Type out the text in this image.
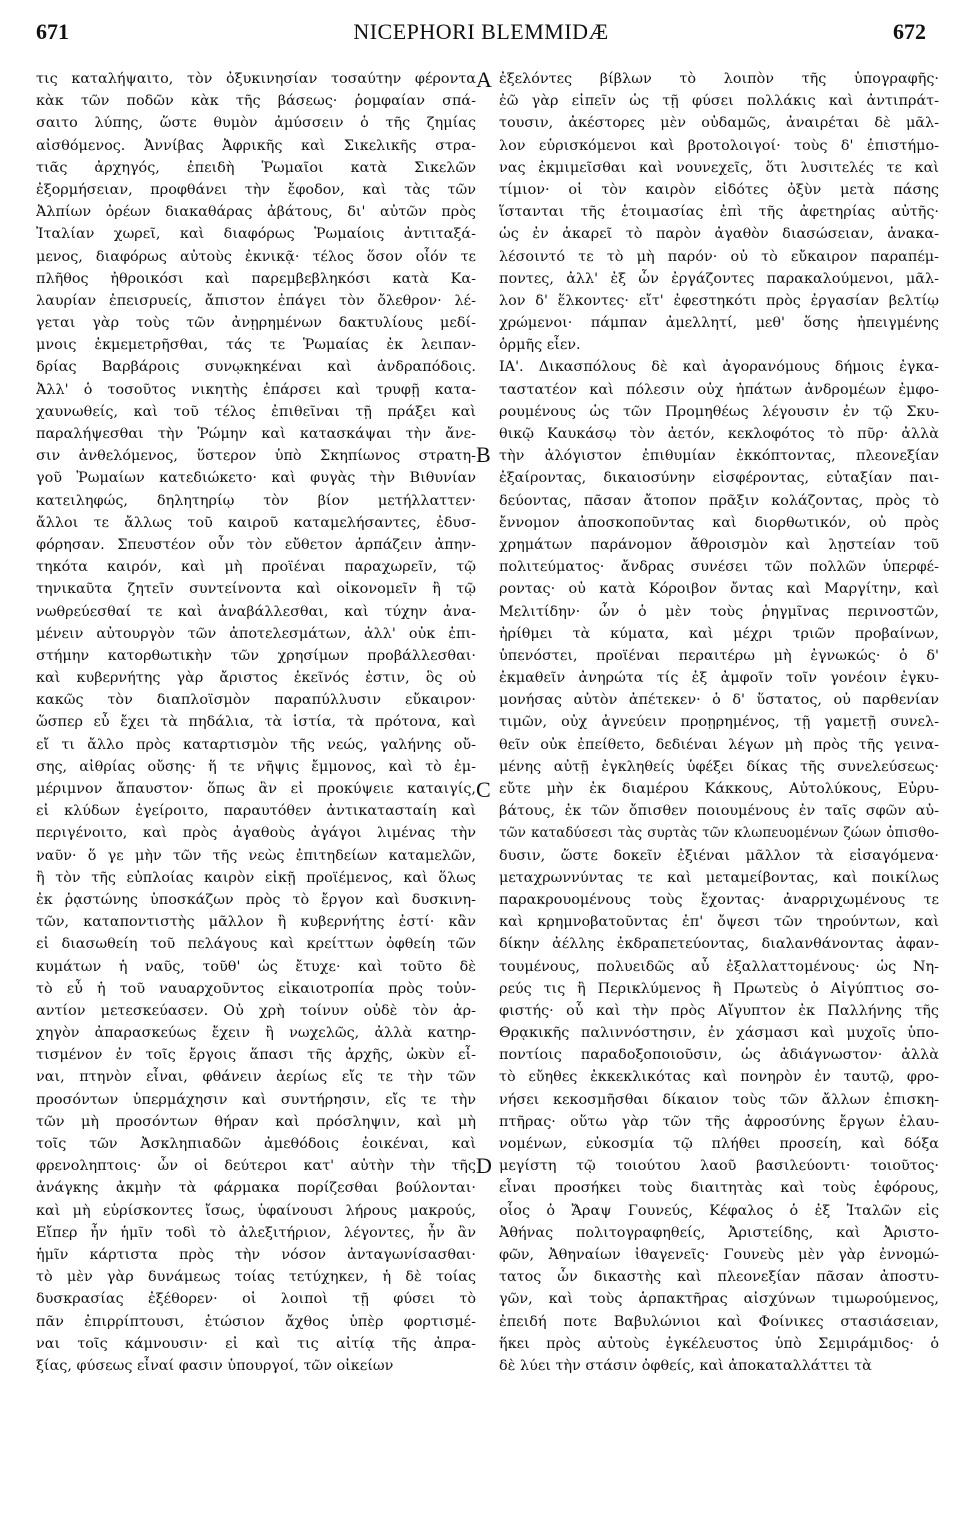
671	NICEPHORI BLEMMIDÆ	672
τις καταλήψαιτο, τὸν ὀξυκινησίαν τοσαύτην φέροντα
κὰκ τῶν ποδῶν κὰκ τῆς βάσεως· ῥομφαίαν σπά-
σαιτο λύπης, ὥστε θυμὸν ἀμύσσειν ὁ τῆς ζημίας
αἰσθόμενος. Ἀννίβας Ἀφρικῆς καὶ Σικελικῆς στρα-
τιᾶς ἀρχηγός, ἐπειδὴ Ῥωμαῖοι κατὰ Σικελῶν
ἐξορμήσειαν, προφθάνει τὴν ἔφοδον, καὶ τὰς τῶν
Ἀλπίων ὀρέων διακαθάρας ἀβάτους, δι' αὐτῶν πρὸς
Ἰταλίαν χωρεῖ, καὶ διαφόρως Ῥωμαίοις ἀντιταξά-
μενος, διαφόρως αὐτοὺς ἐκνικᾷ· τέλος ὅσον οἷόν τε
πλῆθος ἠθροικόσι καὶ παρεμβεβληκόσι κατὰ Κα-
λαυρίαν ἐπεισρυείς, ἄπιστον ἐπάγει τὸν ὄλεθρον· λέ-
γεται γὰρ τοὺς τῶν ἀνῃρημένων δακτυλίους μεδί-
μνοις ἐκμεμετρῆσθαι, τάς τε Ῥωμαίας ἐκ λειπαν-
δρίας Βαρβάροις συνῳκηκέναι καὶ ἀνδραπόδοις.
Ἀλλ' ὁ τοσοῦτος νικητὴς ἐπάρσει καὶ τρυφῇ κατα-
χαυνωθείς, καὶ τοῦ τέλος ἐπιθεῖναι τῇ πράξει καὶ
παραλήψεσθαι τὴν Ῥώμην καὶ κατασκάψαι τὴν ἄνε-
σιν ἀνθελόμενος, ὕστερον ὑπὸ Σκηπίωνος στρατη-
γοῦ Ῥωμαίων κατεδιώκετο· καὶ φυγὰς τὴν Βιθυνίαν
κατειληφώς, δηλητηρίῳ τὸν βίον μετήλλαττεν·
ἄλλοι τε ἄλλως τοῦ καιροῦ καταμελήσαντες, ἐδυσ-
φόρησαν. Σπευστέον οὖν τὸν εὔθετον ἁρπάζειν ἀπην-
τηκότα καιρόν, καὶ μὴ προϊέναι παραχωρεῖν, τῷ
τηνικαῦτα ζητεῖν συντείνοντα καὶ οἰκονομεῖν ἢ τῷ
νωθρεύεσθαί τε καὶ ἀναβάλλεσθαι, καὶ τύχην ἀνα-
μένειν αὐτουργὸν τῶν ἀποτελεσμάτων, ἀλλ' οὐκ ἐπι-
στήμην κατορθωτικὴν τῶν χρησίμων προβάλλεσθαι·
καὶ κυβερνήτης γὰρ ἄριστος ἐκεῖνός ἐστιν, ὃς οὐ
κακῶς τὸν διαπλοϊσμὸν παραπύλλυσιν εὔκαιρον·
ὥσπερ εὖ ἔχει τὰ πηδάλια, τὰ ἱστία, τὰ πρότονα, καὶ
εἴ τι ἄλλο πρὸς καταρτισμὸν τῆς νεώς, γαλήνης οὔ-
σης, αἰθρίας οὔσης· ἥ τε νῆψις ἔμμονος, καὶ τὸ ἐμ-
μέριμνον ἄπαυστον· ὅπως ἂν εἰ προκύψειε καταιγίς,
εἰ κλύδων ἐγείροιτο, παραυτόθεν ἀντικατασταίη καὶ
περιγένοιτο, καὶ πρὸς ἀγαθοὺς ἀγάγοι λιμένας τὴν
ναῦν· ὅ γε μὴν τῶν τῆς νεὼς ἐπιτηδείων καταμελῶν,
ἢ τὸν τῆς εὐπλοίας καιρὸν εἰκῇ προϊέμενος, καὶ ὅλως
ἐκ ῥᾳστώνης ὑποσκάζων πρὸς τὸ ἔργον καὶ δυσκινη-
τῶν, καταποντιστὴς μᾶλλον ἢ κυβερνήτης ἐστί· κἂν
εἰ διασωθείη τοῦ πελάγους καὶ κρείττων ὀφθείη τῶν
κυμάτων ἡ ναῦς, τοῦθ' ὡς ἔτυχε· καὶ τοῦτο δὲ
τὸ εὖ ἡ τοῦ ναυαρχοῦντος εἰκαιοτροπία πρὸς τοὐν-
αντίον μετεσκεύασεν. Οὐ χρὴ τοίνυν οὐδὲ τὸν ἀρ-
χηγὸν ἀπαρασκεύως ἔχειν ἢ νωχελῶς, ἀλλὰ κατηρ-
τισμένον ἐν τοῖς ἔργοις ἅπασι τῆς ἀρχῆς, ὠκὺν εἶ-
ναι, πτηνὸν εἶναι, φθάνειν ἀερίως εἴς τε τὴν τῶν
προσόντων ὑπερμάχησιν καὶ συντήρησιν, εἴς τε τὴν
τῶν μὴ προσόντων θήραν καὶ πρόσληψιν, καὶ μὴ
τοῖς τῶν Ἀσκληπιαδῶν ἀμεθόδοις ἐοικέναι, καὶ
φρενοληπτοις· ὧν οἱ δεύτεροι κατ' αὐτὴν τὴν τῆς
ἀνάγκης ἀκμὴν τὰ φάρμακα πορίζεσθαι βούλονται·
καὶ μὴ εὑρίσκοντες ἴσως, ὑφαίνουσι λήρους μακρούς,
Εἴπερ ἦν ἡμῖν τοδὶ τὸ ἀλεξιτήριον, λέγοντες, ἦν ἂν
ἡμῖν κάρτιστα πρὸς τὴν νόσον ἀνταγωνίσασθαι·
τὸ μὲν γὰρ δυνάμεως τοίας τετύχηκεν, ἡ δὲ τοίας
δυσκρασίας ἐξέθορεν· οἱ λοιποὶ τῇ φύσει τὸ
πᾶν ἐπιρρίπτουσι, ἐτώσιον ἄχθος ὑπὲρ φορτισμέ-
ναι τοῖς κάμνουσιν· εἰ καὶ τις αἰτίᾳ τῆς ἀπρα-
ξίας, φύσεως εἶναί φασιν ὑπουργοί, τῶν οἰκείων
ἐξελόντες βίβλων τὸ λοιπὸν τῆς ὑπογραφῆς·
ἐῶ γὰρ εἰπεῖν ὡς τῇ φύσει πολλάκις καὶ ἀντιπράτ-
τουσιν, ἀκέστορες μὲν οὐδαμῶς, ἀναιρέται δὲ μᾶλ-
λον εὑρισκόμενοι καὶ βροτολοιγοί· τοὺς δ' ἐπιστήμο-
νας ἐκμιμεῖσθαι καὶ νουνεχεῖς, ὅτι λυσιτελές τε καὶ
τίμιον· οἱ τὸν καιρὸν εἰδότες ὀξὺν μετὰ πάσης
ἵστανται τῆς ἑτοιμασίας ἐπὶ τῆς ἀφετηρίας αὐτῆς·
ὡς ἐν ἀκαρεῖ τὸ παρὸν ἀγαθὸν διασώσειαν, ἀνακα-
λέσοιντό τε τὸ μὴ παρόν· οὐ τὸ εὔκαιρον παραπέμ-
ποντες, ἀλλ' ἐξ ὧν ἐργάζοντες παρακαλούμενοι, μᾶλ-
λον δ' ἕλκοντες· εἴτ' ἐφεστηκότι πρὸς ἐργασίαν βελτίῳ
χρώμενοι· πάμπαν ἀμελλητί, μεθ' ὅσης ἠπειγμένης
ὁρμῆς εἶεν.
ΙΑ'. Δικασπόλους δὲ καὶ ἀγορανόμους δήμοις ἐγκα-
ταστατέον καὶ πόλεσιν οὐχ ἠπάτων ἀνδρομέων ἐμφο-
ρουμένους ὡς τῶν Προμηθέως λέγουσιν ἐν τῷ Σκυ-
θικῷ Καυκάσῳ τὸν ἀετόν, κεκλοφότος τὸ πῦρ· ἀλλὰ
τὴν ἀλόγιστον ἐπιθυμίαν ἐκκόπτοντας, πλεονεξίαν
ἐξαίροντας, δικαιοσύνην εἰσφέροντας, εὐταξίαν παι-
δεύοντας, πᾶσαν ἄτοπον πρᾶξιν κολάζοντας, πρὸς τὸ
ἔννομον ἀποσκοποῦντας καὶ διορθωτικόν, οὐ πρὸς
χρημάτων παράνομον ἄθροισμὸν καὶ λῃστείαν τοῦ
πολιτεύματος· ἄνδρας συνέσει τῶν πολλῶν ὑπερφέ-
ροντας· οὐ κατὰ Κόροιβον ὄντας καὶ Μαργίτην, καὶ
Μελιτίδην· ὧν ὁ μὲν τοὺς ῥηγμῖνας περινοστῶν,
ἠρίθμει τὰ κύματα, καὶ μέχρι τριῶν προβαίνων,
ὑπενόστει, προϊέναι περαιτέρω μὴ ἐγνωκώς· ὁ δ'
ἐκμαθεῖν ἀνηρώτα τίς ἐξ ἀμφοῖν τοῖν γονέοιν ἐγκυ-
μονήσας αὐτὸν ἀπέτεκεν· ὁ δ' ὕστατος, οὐ παρθενίαν
τιμῶν, οὐχ ἁγνεύειν προῃρημένος, τῇ γαμετῇ συνελ-
θεῖν οὐκ ἐπείθετο, δεδιέναι λέγων μὴ πρὸς τῆς γεινα-
μένης αὐτῇ ἐγκληθείς ὑφέξει δίκας τῆς συνελεύσεως·
εὔτε μὴν ἐκ διαμέρου Κάκκους, Αὐτολύκους, Εὐρυ-
βάτους, ἐκ τῶν ὄπισθεν ποιουμένους ἐν ταῖς σφῶν αὐ-
τῶν καταδύσεσι τὰς συρτὰς τῶν κλωπευομένων ζώων ὀπισθο-
δυσιν, ὥστε δοκεῖν ἐξιέναι μᾶλλον τὰ εἰσαγόμενα·
μεταχρωννύντας τε καὶ μεταμείβοντας, καὶ ποικίλως
παρακρουομένους τοὺς ἔχοντας· ἀναρριχωμένους τε
καὶ κρημνοβατοῦντας ἐπ' ὄψεσι τῶν τηρούντων, καὶ
δίκην ἀέλλης ἐκδραπετεύοντας, διαλανθάνοντας ἀφαν-
τουμένους, πολυειδῶς αὖ ἐξαλλαττομένους· ὡς Νη-
ρεύς τις ἢ Περικλύμενος ἢ Πρωτεὺς ὁ Αἰγύπτιος σο-
φιστής· οὗ καὶ τὴν πρὸς Αἴγυπτον ἐκ Παλλήνης τῆς
Θρᾳκικῆς παλιννόστησιν, ἐν χάσμασι καὶ μυχοῖς ὑπο-
ποντίοις παραδοξοποιοῦσιν, ὡς ἀδιάγνωστον· ἀλλὰ
τὸ εὔηθες ἐκκεκλικότας καὶ πονηρὸν ἐν ταυτῷ, φρο-
νήσει κεκοσμῆσθαι δίκαιον τοὺς τῶν ἄλλων ἐπισκη-
πτῆρας· οὕτω γὰρ τῶν τῆς ἀφροσύνης ἔργων ἐλαυ-
νομένων, εὐκοσμία τῷ πλήθει προσείη, καὶ δόξα
μεγίστη τῷ τοιούτου λαοῦ βασιλεύοντι· τοιοῦτος·
εἶναι προσήκει τοὺς διαιτητὰς καὶ τοὺς ἐφόρους,
οἷος ὁ Ἄραψ Γουνεύς, Κέφαλος ὁ ἐξ Ἰταλῶν εἰς
Ἀθήνας πολιτογραφηθείς, Ἀριστείδης, καὶ Ἀριστο-
φῶν, Ἀθηναίων ἰθαγενεῖς· Γουνεὺς μὲν γὰρ ἐννομώ-
τατος ὧν δικαστὴς καὶ πλεονεξίαν πᾶσαν ἀποστυ-
γῶν, καὶ τοὺς ἁρπακτῆρας αἰσχύνων τιμωρούμενος,
ἐπειδή ποτε Βαβυλώνιοι καὶ Φοίνικες στασιάσειαν,
ἥκει πρὸς αὐτοὺς ἐγκέλευστος ὑπὸ Σεμιράμιδος· ὁ
δὲ λύει τὴν στάσιν ὀφθείς, καὶ ἀποκαταλλάττει τὰ
A
B
C
D
